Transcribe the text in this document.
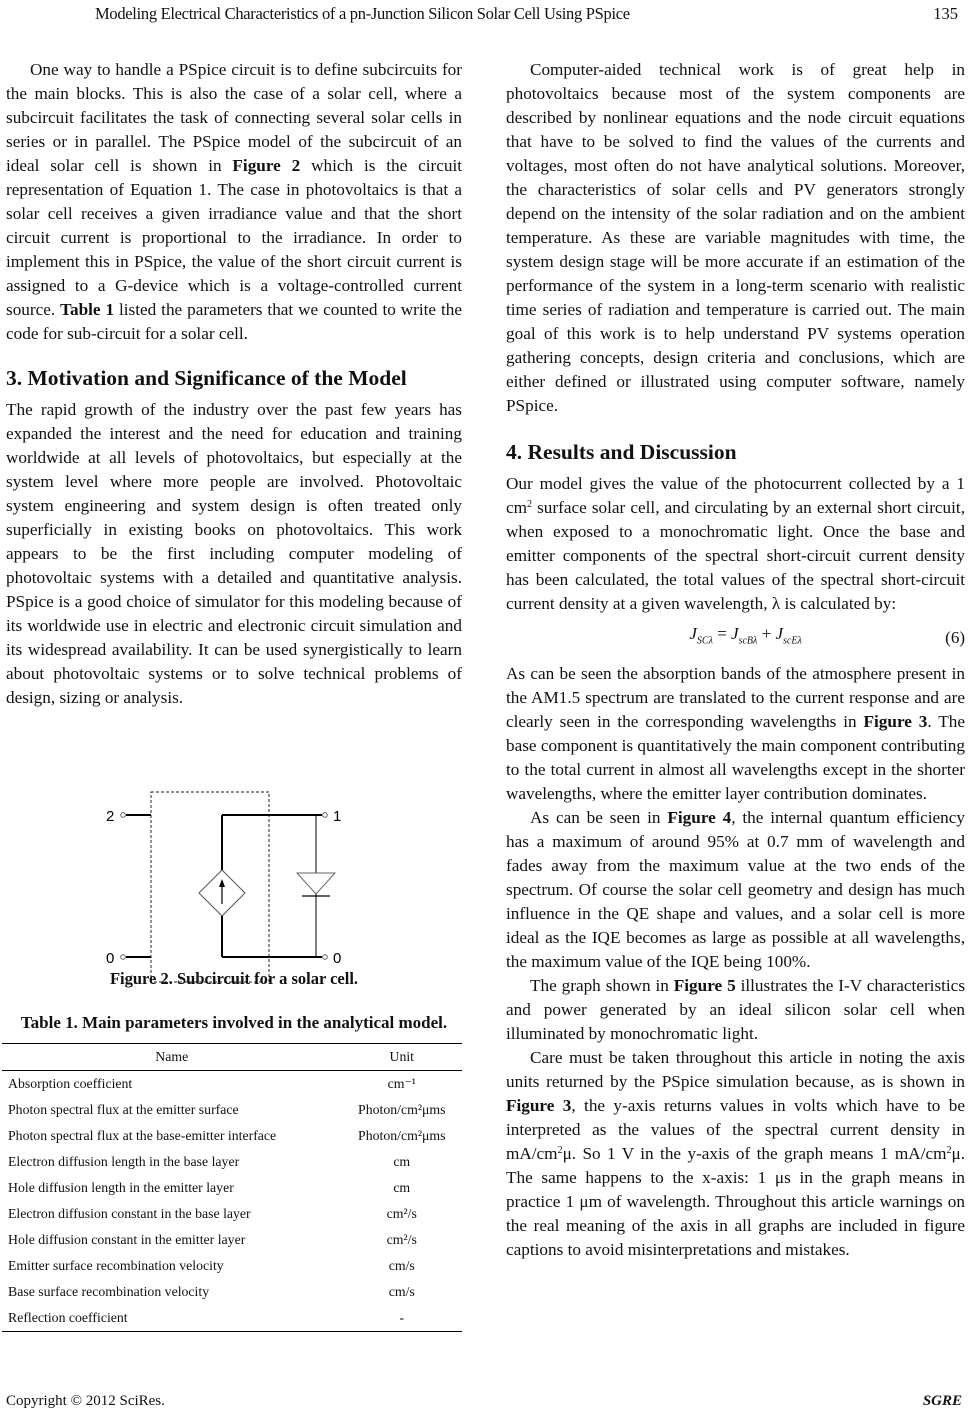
Modeling Electrical Characteristics of a pn-Junction Silicon Solar Cell Using PSpice	135

One way to handle a PSpice circuit is to define subcircuits for the main blocks. This is also the case of a solar cell, where a subcircuit facilitates the task of connecting several solar cells in series or in parallel. The PSpice model of the subcircuit of an ideal solar cell is shown in Figure 2 which is the circuit representation of Equation 1. The case in photovoltaics is that a solar cell receives a given irradiance value and that the short circuit current is proportional to the irradiance. In order to implement this in PSpice, the value of the short circuit current is assigned to a G-device which is a voltage-controlled current source. Table 1 listed the parameters that we counted to write the code for sub-circuit for a solar cell.

3. Motivation and Significance of the Model

The rapid growth of the industry over the past few years has expanded the interest and the need for education and training worldwide at all levels of photovoltaics, but especially at the system level where more people are involved. Photovoltaic system engineering and system design is often treated only superficially in existing books on photovoltaics. This work appears to be the first including computer modeling of photovoltaic systems with a detailed and quantitative analysis. PSpice is a good choice of simulator for this modeling because of its worldwide use in electric and electronic circuit simulation and its widespread availability. It can be used synergistically to learn about photovoltaic systems or to solve technical problems of design, sizing or analysis.

2
0
1
0
Figure 2. Subcircuit for a solar cell.
Table 1. Main parameters involved in the analytical model.
Name	Unit
Absorption coefficient	cm⁻¹
Photon spectral flux at the emitter surface	Photon/cm²μms
Photon spectral flux at the base-emitter interface	Photon/cm²μms
Electron diffusion length in the base layer	cm
Hole diffusion length in the emitter layer	cm
Electron diffusion constant in the base layer	cm²/s
Hole diffusion constant in the emitter layer	cm²/s
Emitter surface recombination velocity	cm/s
Base surface recombination velocity	cm/s
Reflection coefficient	-

Computer-aided technical work is of great help in photovoltaics because most of the system components are described by nonlinear equations and the node circuit equations that have to be solved to find the values of the currents and voltages, most often do not have analytical solutions. Moreover, the characteristics of solar cells and PV generators strongly depend on the intensity of the solar radiation and on the ambient temperature. As these are variable magnitudes with time, the system design stage will be more accurate if an estimation of the performance of the system in a long-term scenario with realistic time series of radiation and temperature is carried out. The main goal of this work is to help understand PV systems operation gathering concepts, design criteria and conclusions, which are either defined or illustrated using computer software, namely PSpice.

4. Results and Discussion

Our model gives the value of the photocurrent collected by a 1 $cm^2$ surface solar cell, and circulating by an external short circuit, when exposed to a monochromatic light. Once the base and emitter components of the spectral short-circuit current density has been calculated, the total values of the spectral short-circuit current density at a given wavelength, λ is calculated by:

$J_{SC\lambda} = J_{scB\lambda} + J_{scE\lambda}$	(6)

As can be seen the absorption bands of the atmosphere present in the AM1.5 spectrum are translated to the current response and are clearly seen in the corresponding wavelengths in Figure 3. The base component is quantitatively the main component contributing to the total current in almost all wavelengths except in the shorter wavelengths, where the emitter layer contribution dominates.

As can be seen in Figure 4, the internal quantum efficiency has a maximum of around 95% at 0.7 mm of wavelength and fades away from the maximum value at the two ends of the spectrum. Of course the solar cell geometry and design has much influence in the QE shape and values, and a solar cell is more ideal as the IQE becomes as large as possible at all wavelengths, the maximum value of the IQE being 100%.

The graph shown in Figure 5 illustrates the I-V characteristics and power generated by an ideal silicon solar cell when illuminated by monochromatic light.

Care must be taken throughout this article in noting the axis units returned by the PSpice simulation because, as is shown in Figure 3, the y-axis returns values in volts which have to be interpreted as the values of the spectral current density in $mA/cm^2\mu$. So 1 V in the y-axis of the graph means 1 $mA/cm^2\mu$. The same happens to the x-axis: 1 μs in the graph means in practice 1 μm of wavelength. Throughout this article warnings on the real meaning of the axis in all graphs are included in figure captions to avoid misinterpretations and mistakes.

Copyright © 2012 SciRes.	SGRE
